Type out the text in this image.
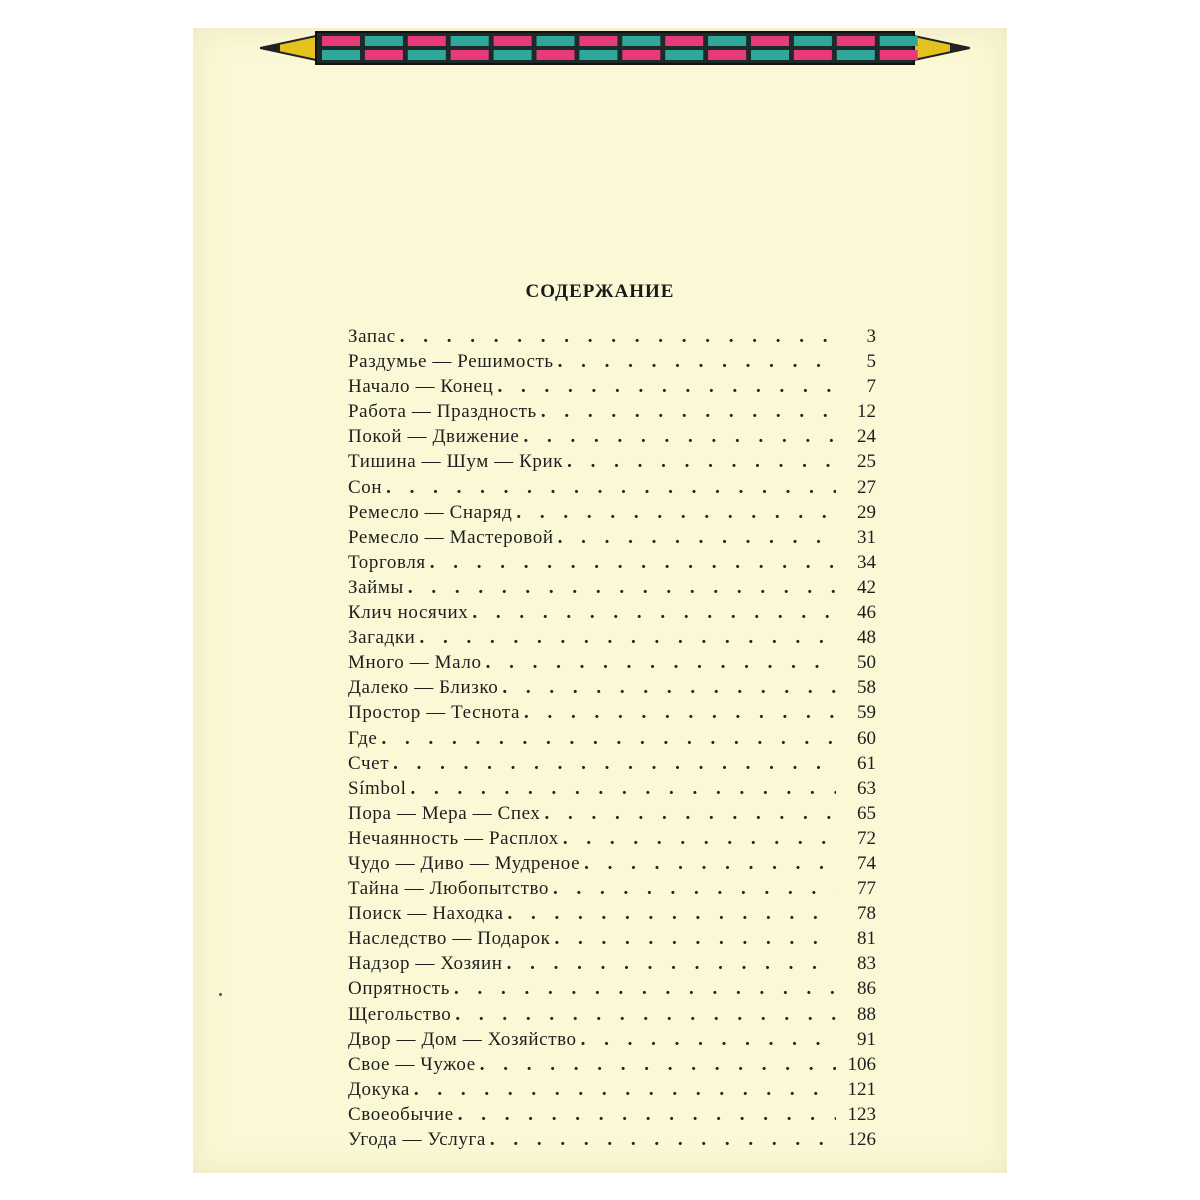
СОДЕРЖАНИЕ
Запас . . .	3
Раздумье — Решимость . . .	5
Начало — Конец . . .	7
Работа — Праздность . . .	12
Покой — Движение . . .	24
Тишина — Шум — Крик . . .	25
Сон . . .	27
Ремесло — Снаряд . . .	29
Ремесло — Мастеровой . . .	31
Торговля . . .	34
Займы . . .	42
Клич носячих . . .	46
Загадки . . .	48
Много — Мало . . .	50
Далеко — Близко . . .	58
Простор — Теснота . . .	59
Где . . .	60
Счет . . .	61
Símbol . . .	63
Пора — Мера — Спех . . .	65
Нечаянность — Расплох . . .	72
Чудо — Диво — Мудреное . . .	74
Тайна — Любопытство . . .	77
Поиск — Находка . . .	78
Наследство — Подарок . . .	81
Надзор — Хозяин . . .	83
Опрятность . . .	86
Щегольство . . .	88
Двор — Дом — Хозяйство . . .	91
Свое — Чужое . . .	106
Докука . . .	121
Своеобычие . . .	123
Угода — Услуга . . .	126
